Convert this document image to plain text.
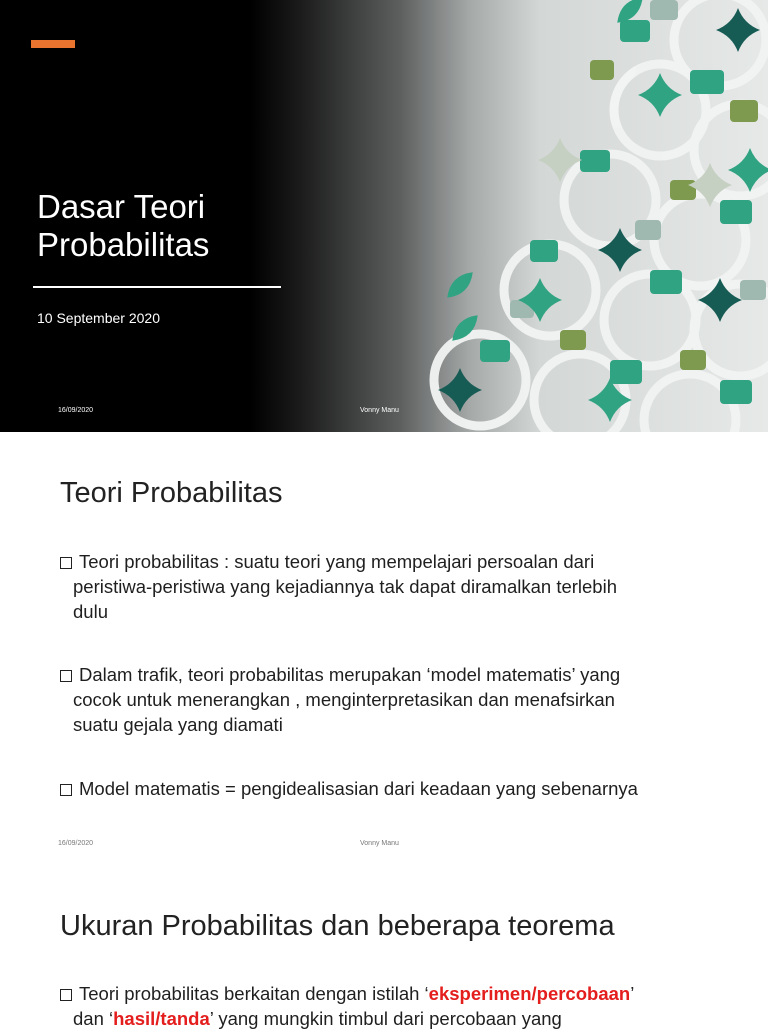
Dasar Teori
Probabilitas
10 September 2020
16/09/2020	Vonny Manu
Teori Probabilitas
Teori probabilitas : suatu teori yang mempelajari persoalan dari
peristiwa-peristiwa yang kejadiannya tak dapat diramalkan terlebih
dulu
Dalam trafik, teori probabilitas merupakan ‘model matematis’ yang
cocok untuk menerangkan , menginterpretasikan dan menafsirkan
suatu gejala yang diamati
Model matematis = pengidealisasian dari keadaan yang sebenarnya
16/09/2020	Vonny Manu
Ukuran Probabilitas dan beberapa teorema
Teori probabilitas berkaitan dengan istilah ‘eksperimen/percobaan’
dan ‘hasil/tanda’ yang mungkin timbul dari percobaan yang
